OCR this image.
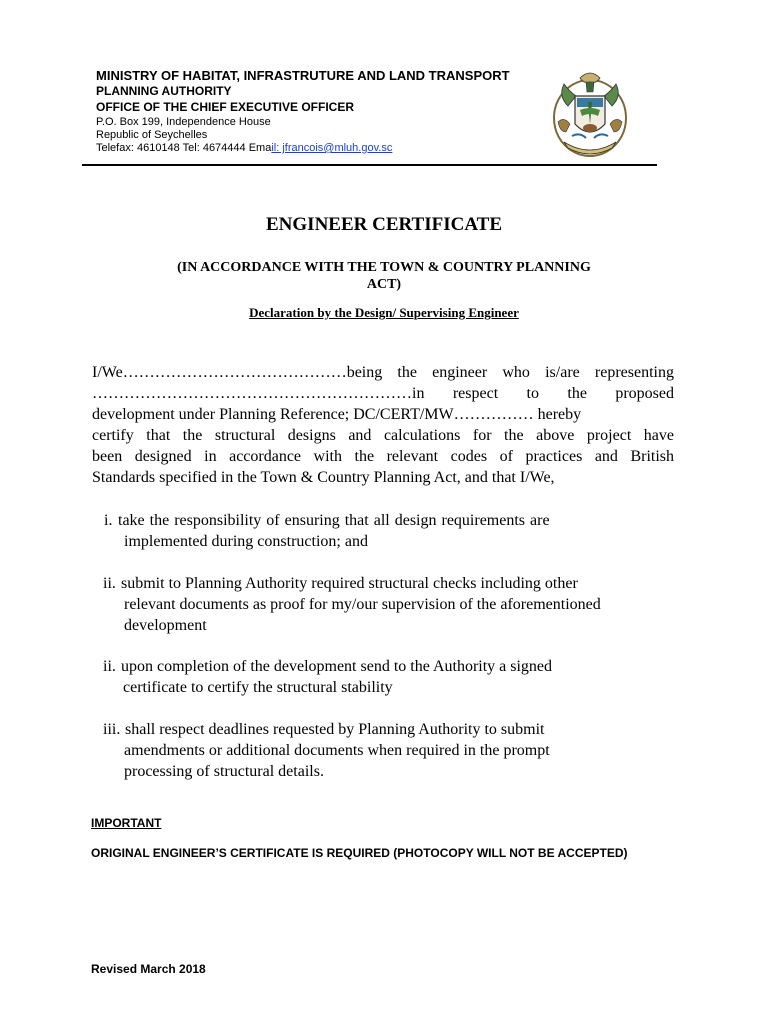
MINISTRY OF HABITAT, INFRASTRUTURE AND LAND TRANSPORT
PLANNING AUTHORITY
OFFICE OF THE CHIEF EXECUTIVE OFFICER
P.O. Box 199, Independence House
Republic of Seychelles
Telefax: 4610148 Tel: 4674444 Email: jfrancois@mluh.gov.sc
ENGINEER CERTIFICATE
(IN ACCORDANCE WITH THE TOWN & COUNTRY PLANNING
ACT)
Declaration by the Design/ Supervising Engineer
I/We……………………………………being the engineer who is/are representing
……………………………………………………in respect to the proposed
development under Planning Reference; DC/CERT/MW…………… hereby
certify that the structural designs and calculations for the above project have
been designed in accordance with the relevant codes of practices and British
Standards specified in the Town & Country Planning Act, and that I/We,
i. take the responsibility of ensuring that all design requirements are
implemented during construction; and
ii. submit to Planning Authority required structural checks including other
relevant documents as proof for my/our supervision of the aforementioned
development
ii. upon completion of the development send to the Authority a signed
certificate to certify the structural stability
iii. shall respect deadlines requested by Planning Authority to submit
amendments or additional documents when required in the prompt
processing of structural details.
IMPORTANT
ORIGINAL ENGINEER’S CERTIFICATE IS REQUIRED (PHOTOCOPY WILL NOT BE ACCEPTED)
Revised March 2018
